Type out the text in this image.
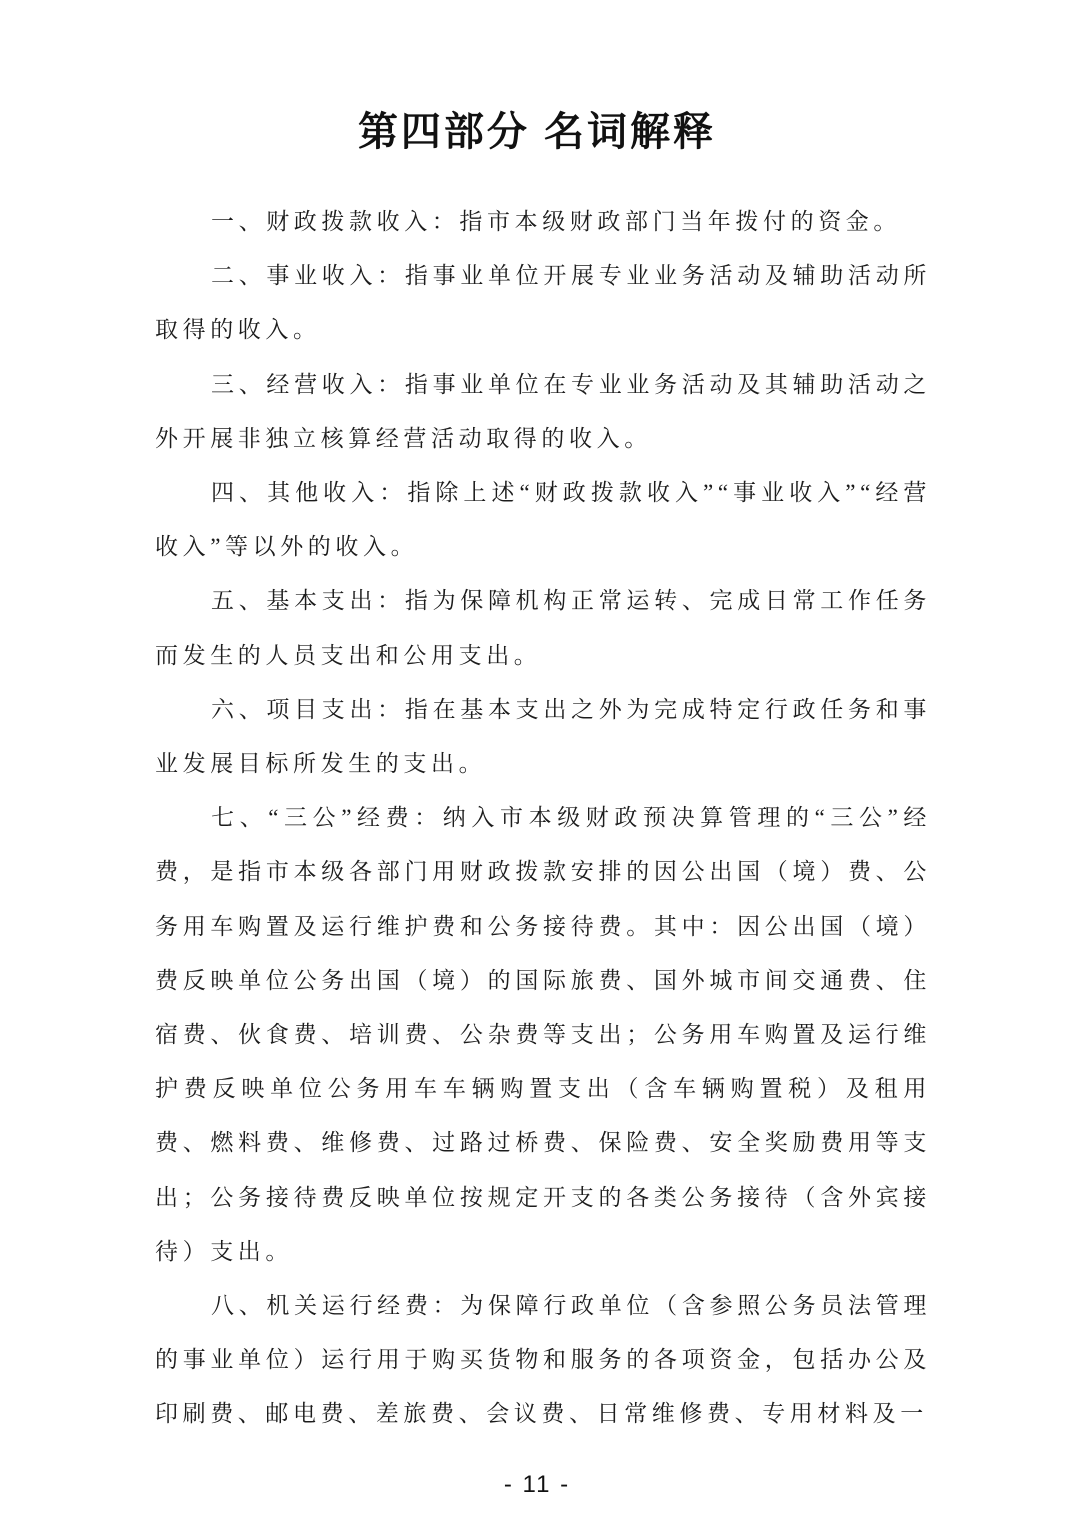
第四部分 名词解释

一、财政拨款收入：指市本级财政部门当年拨付的资金。

二、事业收入：指事业单位开展专业业务活动及辅助活动所取得的收入。

三、经营收入：指事业单位在专业业务活动及其辅助活动之外开展非独立核算经营活动取得的收入。

四、其他收入：指除上述“财政拨款收入”“事业收入”“经营收入”等以外的收入。

五、基本支出：指为保障机构正常运转、完成日常工作任务而发生的人员支出和公用支出。

六、项目支出：指在基本支出之外为完成特定行政任务和事业发展目标所发生的支出。

七、“三公”经费：纳入市本级财政预决算管理的“三公”经费，是指市本级各部门用财政拨款安排的因公出国（境）费、公务用车购置及运行维护费和公务接待费。其中：因公出国（境）费反映单位公务出国（境）的国际旅费、国外城市间交通费、住宿费、伙食费、培训费、公杂费等支出；公务用车购置及运行维护费反映单位公务用车车辆购置支出（含车辆购置税）及租用费、燃料费、维修费、过路过桥费、保险费、安全奖励费用等支出；公务接待费反映单位按规定开支的各类公务接待（含外宾接待）支出。

八、机关运行经费：为保障行政单位（含参照公务员法管理的事业单位）运行用于购买货物和服务的各项资金，包括办公及印刷费、邮电费、差旅费、会议费、日常维修费、专用材料及一

- 11 -
